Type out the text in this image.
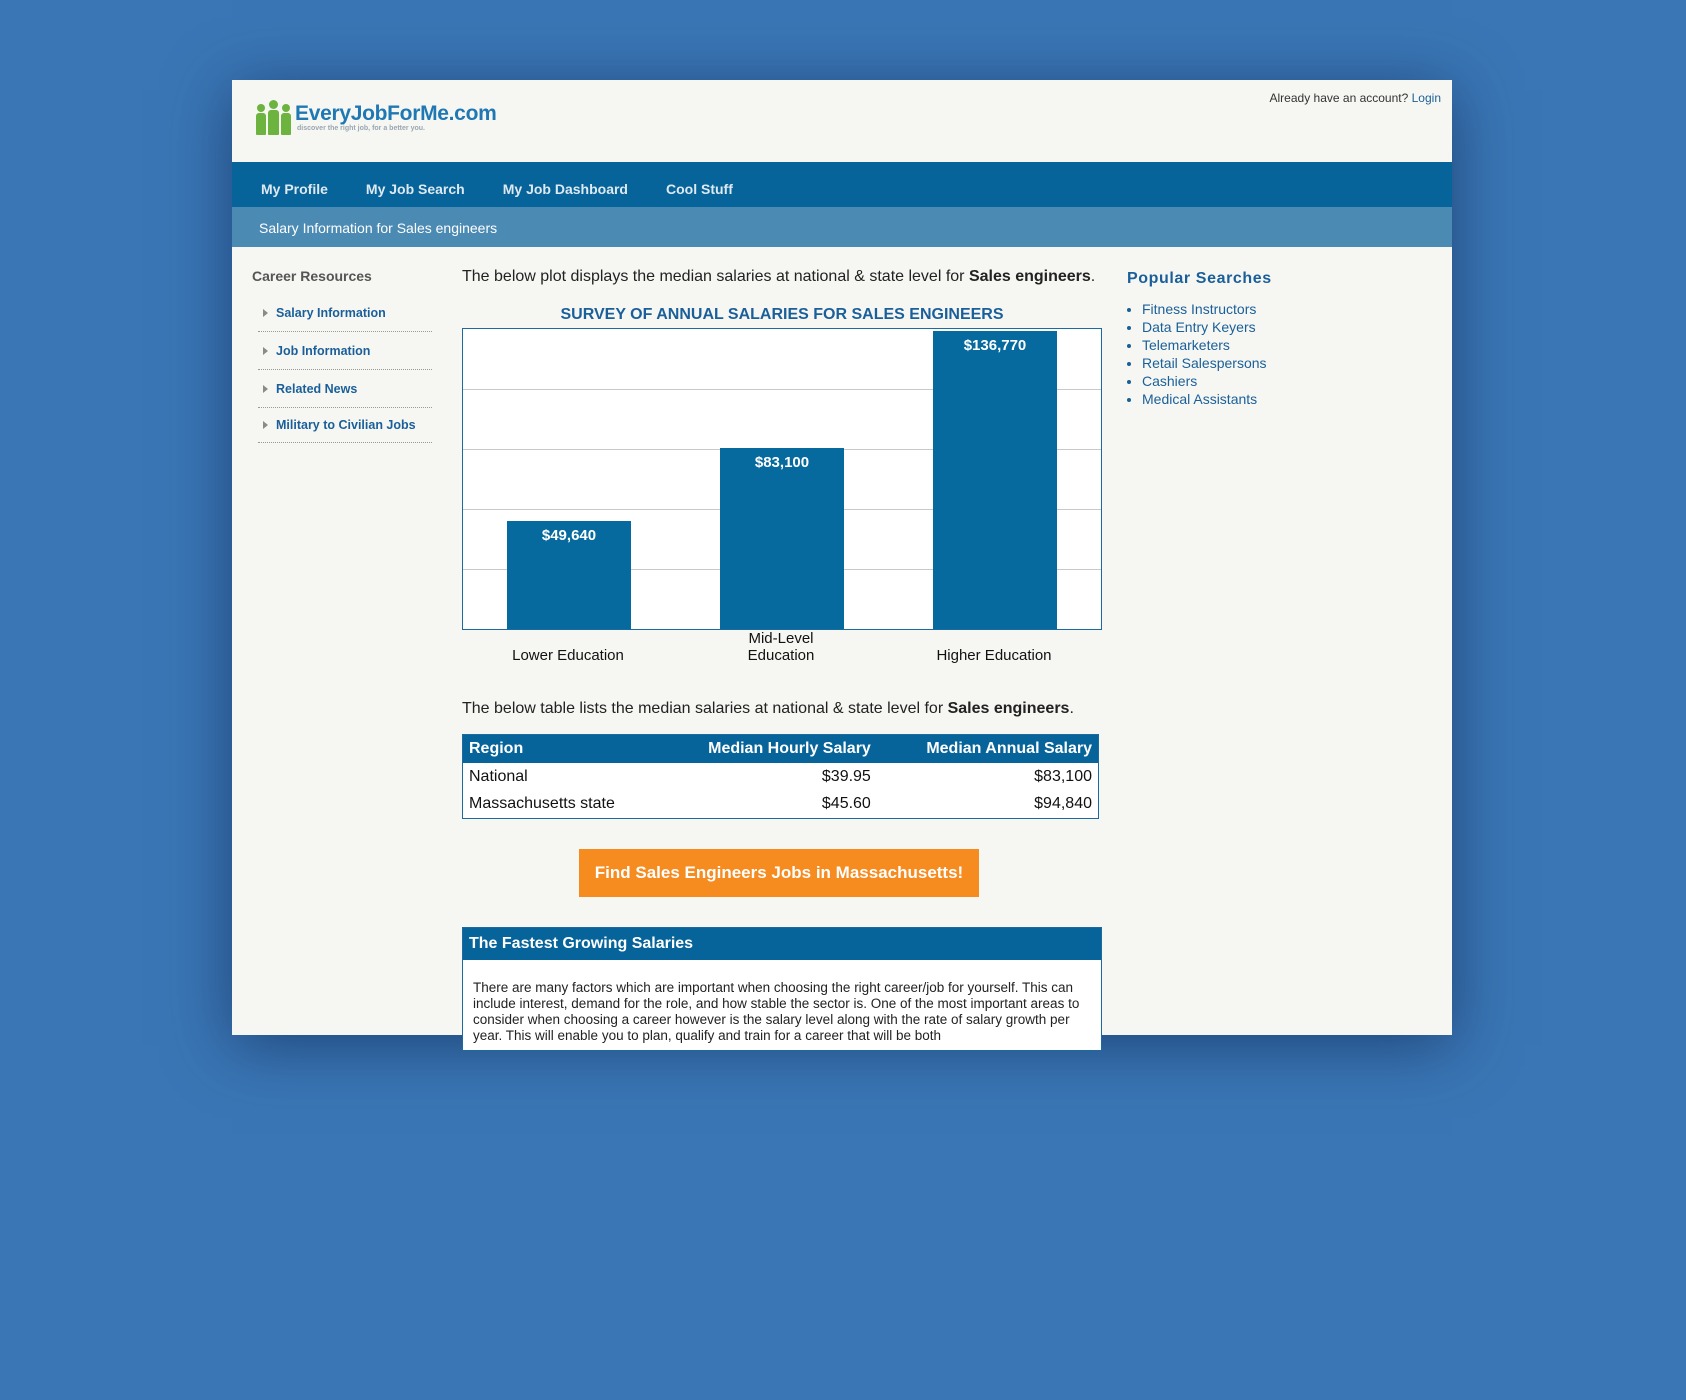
EveryJobForMe.com
discover the right job, for a better you.
Already have an account? Login
My Profile	My Job Search	My Job Dashboard	Cool Stuff
Salary Information for Sales engineers
Career Resources
Salary Information
Job Information
Related News
Military to Civilian Jobs

The below plot displays the median salaries at national & state level for Sales engineers.

SURVEY OF ANNUAL SALARIES FOR SALES ENGINEERS
$49,640
$83,100
$136,770
Lower Education
Mid-Level
Education	Higher Education

The below table lists the median salaries at national & state level for Sales engineers.

Region	Median Hourly Salary	Median Annual Salary
National	$39.95	$83,100
Massachusetts state	$45.60	$94,840
Find Sales Engineers Jobs in Massachusetts!
The Fastest Growing Salaries
There are many factors which are important when choosing the right career/job for yourself. This can include interest, demand for the role, and how stable the sector is. One of the most important areas to consider when choosing a career however is the salary level along with the rate of salary growth per year. This will enable you to plan, qualify and train for a career that will be both
Popular Searches
• Fitness Instructors
• Data Entry Keyers
• Telemarketers
• Retail Salespersons
• Cashiers
• Medical Assistants
